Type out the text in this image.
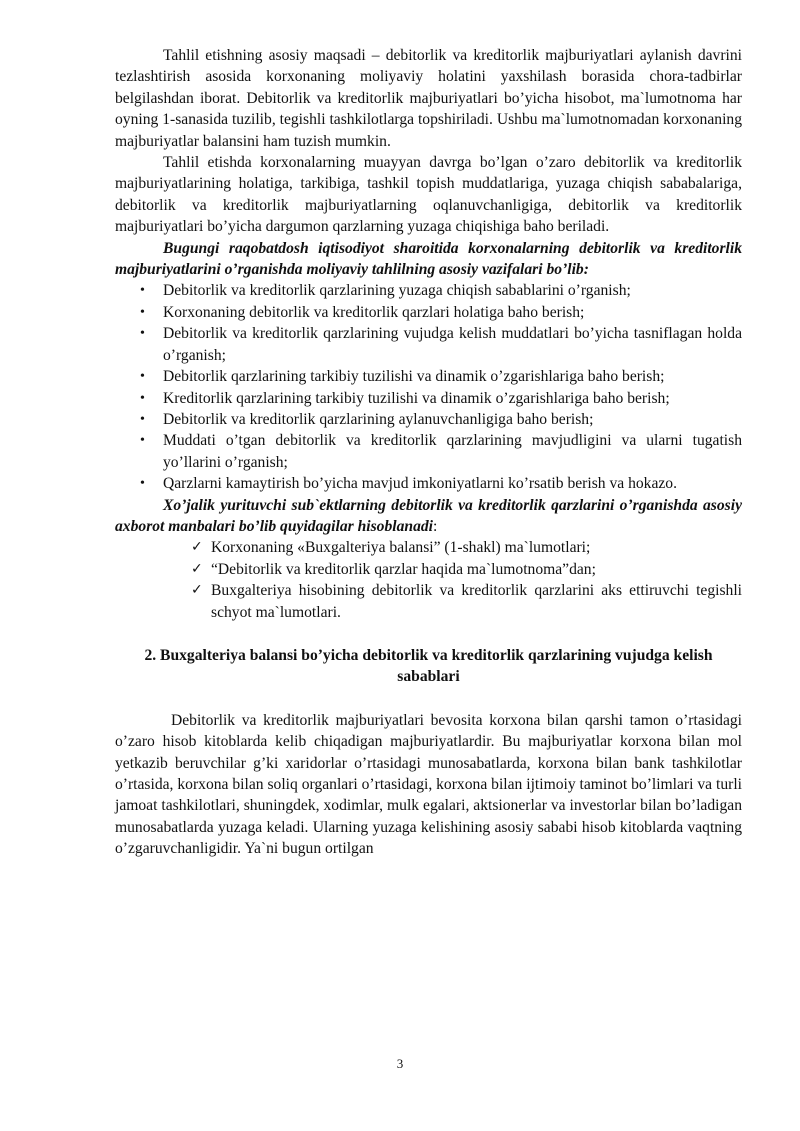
Tahlil etishning asosiy maqsadi – debitorlik va kreditorlik majburiyatlari aylanish davrini tezlashtirish asosida korxonaning moliyaviy holatini yaxshilash borasida chora-tadbirlar belgilashdan iborat. Debitorlik va kreditorlik majburiyatlari bo’yicha hisobot, ma`lumotnoma har oyning 1-sanasida tuzilib, tegishli tashkilotlarga topshiriladi. Ushbu ma`lumotnomadan korxonaning majburiyatlar balansini ham tuzish mumkin.

Tahlil etishda korxonalarning muayyan davrga bo’lgan o’zaro debitorlik va kreditorlik majburiyatlarining holatiga, tarkibiga, tashkil topish muddatlariga, yuzaga chiqish sababalariga, debitorlik va kreditorlik majburiyatlarning oqlanuvchanligiga, debitorlik va kreditorlik majburiyatlari bo’yicha dargumon qarzlarning yuzaga chiqishiga baho beriladi.

Bugungi raqobatdosh iqtisodiyot sharoitida korxonalarning debitorlik va kreditorlik majburiyatlarini o’rganishda moliyaviy tahlilning asosiy vazifalari bo’lib:

• Debitorlik va kreditorlik qarzlarining yuzaga chiqish sabablarini o’rganish;
• Korxonaning debitorlik va kreditorlik qarzlari holatiga baho berish;
• Debitorlik va kreditorlik qarzlarining vujudga kelish muddatlari bo’yicha tasniflagan holda o’rganish;
• Debitorlik qarzlarining tarkibiy tuzilishi va dinamik o’zgarishlariga baho berish;
• Kreditorlik qarzlarining tarkibiy tuzilishi va dinamik o’zgarishlariga baho berish;
• Debitorlik va kreditorlik qarzlarining aylanuvchanligiga baho berish;
• Muddati o’tgan debitorlik va kreditorlik qarzlarining mavjudligini va ularni tugatish yo’llarini o’rganish;
• Qarzlarni kamaytirish bo’yicha mavjud imkoniyatlarni ko’rsatib berish va hokazo.

Xo’jalik yurituvchi sub`ektlarning debitorlik va kreditorlik qarzlarini o’rganishda asosiy axborot manbalari bo’lib quyidagilar hisoblanadi:

✓ Korxonaning «Buxgalteriya balansi” (1-shakl) ma`lumotlari;
✓ “Debitorlik va kreditorlik qarzlar haqida ma`lumotnoma”dan;
✓ Buxgalteriya hisobining debitorlik va kreditorlik qarzlarini aks ettiruvchi tegishli schyot ma`lumotlari.
2. Buxgalteriya balansi bo’yicha debitorlik va kreditorlik qarzlarining vujudga kelish sabablari

Debitorlik va kreditorlik majburiyatlari bevosita korxona bilan qarshi tamon o’rtasidagi o’zaro hisob kitoblarda kelib chiqadigan majburiyatlardir. Bu majburiyatlar korxona bilan mol yetkazib beruvchilar g’ki xaridorlar o’rtasidagi munosabatlarda, korxona bilan bank tashkilotlar o’rtasida, korxona bilan soliq organlari o’rtasidagi, korxona bilan ijtimoiy taminot bo’limlari va turli jamoat tashkilotlari, shuningdek, xodimlar, mulk egalari, aktsionerlar va investorlar bilan bo’ladigan munosabatlarda yuzaga keladi. Ularning yuzaga kelishining asosiy sababi hisob kitoblarda vaqtning o’zgaruvchanligidir. Ya`ni bugun ortilgan

3
